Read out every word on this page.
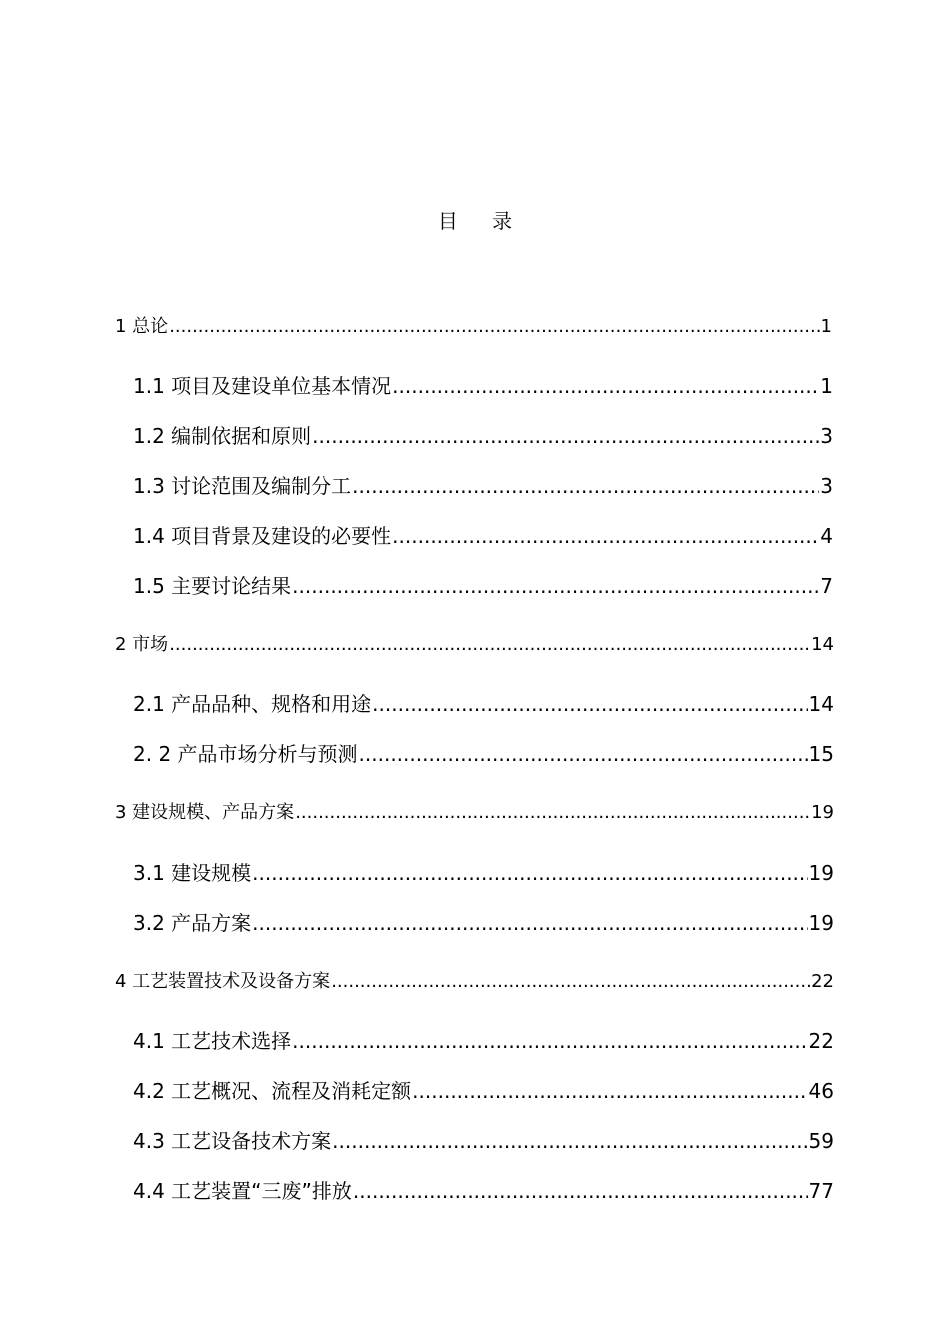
目 录
1 总论 .....	1
1.1 项目及建设单位基本情况 .....	1
1.2 编制依据和原则 .....	3
1.3 讨论范围及编制分工 .....	3
1.4 项目背景及建设的必要性 .....	4
1.5 主要讨论结果 .....	7
2 市场 .....	14
2.1 产品品种、规格和用途 .....	14
2. 2 产品市场分析与预测 .....	15
3 建设规模、产品方案 .....	19
3.1 建设规模 .....	19
3.2 产品方案 .....	19
4 工艺装置技术及设备方案 .....	22
4.1 工艺技术选择 .....	22
4.2 工艺概况、流程及消耗定额 .....	46
4.3 工艺设备技术方案 .....	59
4.4 工艺装置“三废”排放 .....	77
